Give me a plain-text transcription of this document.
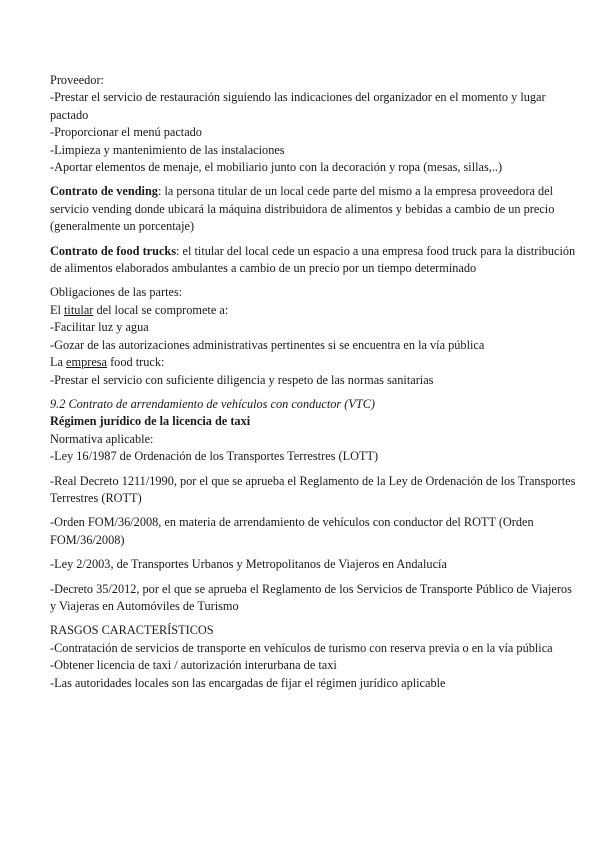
Proveedor:
-Prestar el servicio de restauración siguiendo las indicaciones del organizador en el momento y lugar pactado
-Proporcionar el menú pactado
-Limpieza y mantenimiento de las instalaciones
-Aportar elementos de menaje, el mobiliario junto con la decoración y ropa (mesas, sillas,..)

Contrato de vending: la persona titular de un local cede parte del mismo a la empresa proveedora del servicio vending donde ubicará la máquina distribuidora de alimentos y bebidas a cambio de un precio (generalmente un porcentaje)

Contrato de food trucks: el titular del local cede un espacio a una empresa food truck para la distribución de alimentos elaborados ambulantes a cambio de un precio por un tiempo determinado

Obligaciones de las partes:
El titular del local se compromete a:
-Facilitar luz y agua
-Gozar de las autorizaciones administrativas pertinentes si se encuentra en la vía pública
La empresa food truck:
-Prestar el servicio con suficiente diligencia y respeto de las normas sanitarias
9.2 Contrato de arrendamiento de vehículos con conductor (VTC)
Régimen jurídico de la licencia de taxi
Normativa aplicable:
-Ley 16/1987 de Ordenación de los Transportes Terrestres (LOTT)

-Real Decreto 1211/1990, por el que se aprueba el Reglamento de la Ley de Ordenación de los Transportes Terrestres (ROTT)

-Orden FOM/36/2008, en materia de arrendamiento de vehículos con conductor del ROTT (Orden FOM/36/2008)

-Ley 2/2003, de Transportes Urbanos y Metropolitanos de Viajeros en Andalucía

-Decreto 35/2012, por el que se aprueba el Reglamento de los Servicios de Transporte Público de Viajeros y Viajeras en Automóviles de Turismo

RASGOS CARACTERÍSTICOS
-Contratación de servicios de transporte en vehículos de turismo con reserva previa o en la vía pública
-Obtener licencia de taxi / autorización interurbana de taxi
-Las autoridades locales son las encargadas de fijar el régimen jurídico aplicable
